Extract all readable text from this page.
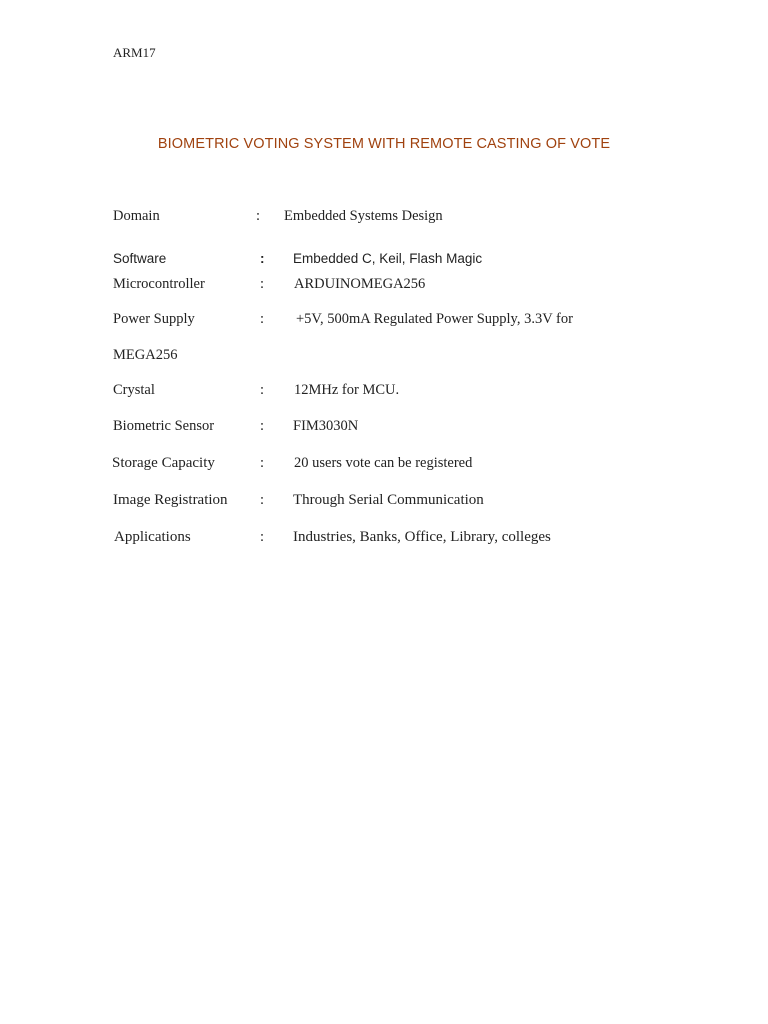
ARM17
BIOMETRIC VOTING SYSTEM WITH REMOTE CASTING OF VOTE
Domain	: Embedded Systems Design
Software	: Embedded C, Keil, Flash Magic
Microcontroller	: ARDUINOMEGA256
Power Supply	: +5V, 500mA Regulated Power Supply, 3.3V for
MEGA256
Crystal	: 12MHz for MCU.
Biometric Sensor	: FIM3030N
Storage Capacity	: 20 users vote can be registered
Image Registration : Through Serial Communication
Applications	: Industries, Banks, Office, Library, colleges
